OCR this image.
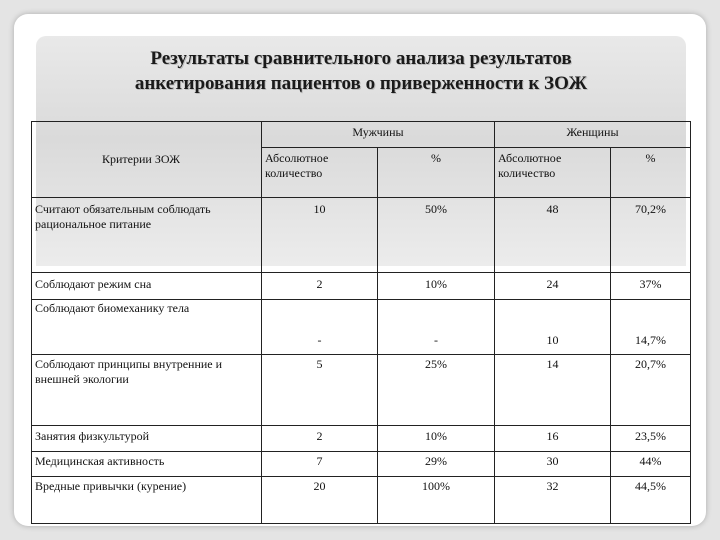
Результаты сравнительного анализа результатов
анкетирования пациентов о приверженности к ЗОЖ
Критерии ЗОЖ	Мужчины		Женщины	
	Абсолютное количество	%	Абсолютное количество	%
Считают обязательным соблюдать рациональное питание	10	50%	48	70,2%
Соблюдают режим сна	2	10%	24	37%
Соблюдают биомеханику тела	-	-	10	14,7%
Соблюдают принципы внутренние и внешней экологии	5	25%	14	20,7%
Занятия физкультурой	2	10%	16	23,5%
Медицинская активность	7	29%	30	44%
Вредные привычки (курение)	20	100%	32	44,5%
